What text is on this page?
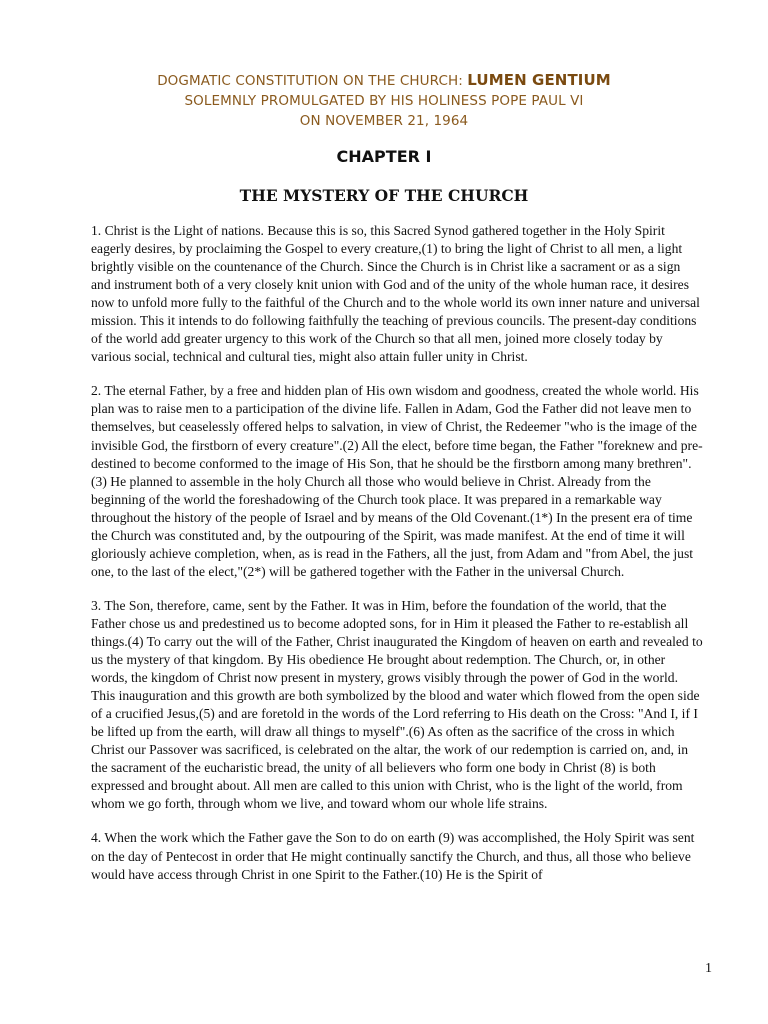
DOGMATIC CONSTITUTION ON THE CHURCH: LUMEN GENTIUM
SOLEMNLY PROMULGATED BY HIS HOLINESS POPE PAUL VI
ON NOVEMBER 21, 1964
CHAPTER I
THE MYSTERY OF THE CHURCH

1. Christ is the Light of nations. Because this is so, this Sacred Synod gathered together in the Holy Spirit eagerly desires, by proclaiming the Gospel to every creature,(1) to bring the light of Christ to all men, a light brightly visible on the countenance of the Church. Since the Church is in Christ like a sacrament or as a sign and instrument both of a very closely knit union with God and of the unity of the whole human race, it desires now to unfold more fully to the faithful of the Church and to the whole world its own inner nature and universal mission. This it intends to do following faithfully the teaching of previous councils. The present-day conditions of the world add greater urgency to this work of the Church so that all men, joined more closely today by various social, technical and cultural ties, might also attain fuller unity in Christ.

2. The eternal Father, by a free and hidden plan of His own wisdom and goodness, created the whole world. His plan was to raise men to a participation of the divine life. Fallen in Adam, God the Father did not leave men to themselves, but ceaselessly offered helps to salvation, in view of Christ, the Redeemer "who is the image of the invisible God, the firstborn of every creature".(2) All the elect, before time began, the Father "foreknew and pre- destined to become conformed to the image of His Son, that he should be the firstborn among many brethren".(3) He planned to assemble in the holy Church all those who would believe in Christ. Already from the beginning of the world the foreshadowing of the Church took place. It was prepared in a remarkable way throughout the history of the people of Israel and by means of the Old Covenant.(1*) In the present era of time the Church was constituted and, by the outpouring of the Spirit, was made manifest. At the end of time it will gloriously achieve completion, when, as is read in the Fathers, all the just, from Adam and "from Abel, the just one, to the last of the elect,"(2*) will be gathered together with the Father in the universal Church.

3. The Son, therefore, came, sent by the Father. It was in Him, before the foundation of the world, that the Father chose us and predestined us to become adopted sons, for in Him it pleased the Father to re-establish all things.(4) To carry out the will of the Father, Christ inaugurated the Kingdom of heaven on earth and revealed to us the mystery of that kingdom. By His obedience He brought about redemption. The Church, or, in other words, the kingdom of Christ now present in mystery, grows visibly through the power of God in the world. This inauguration and this growth are both symbolized by the blood and water which flowed from the open side of a crucified Jesus,(5) and are foretold in the words of the Lord referring to His death on the Cross: "And I, if I be lifted up from the earth, will draw all things to myself".(6) As often as the sacrifice of the cross in which Christ our Passover was sacrificed, is celebrated on the altar, the work of our redemption is carried on, and, in the sacrament of the eucharistic bread, the unity of all believers who form one body in Christ (8) is both expressed and brought about. All men are called to this union with Christ, who is the light of the world, from whom we go forth, through whom we live, and toward whom our whole life strains.

4. When the work which the Father gave the Son to do on earth (9) was accomplished, the Holy Spirit was sent on the day of Pentecost in order that He might continually sanctify the Church, and thus, all those who believe would have access through Christ in one Spirit to the Father.(10) He is the Spirit of

1
